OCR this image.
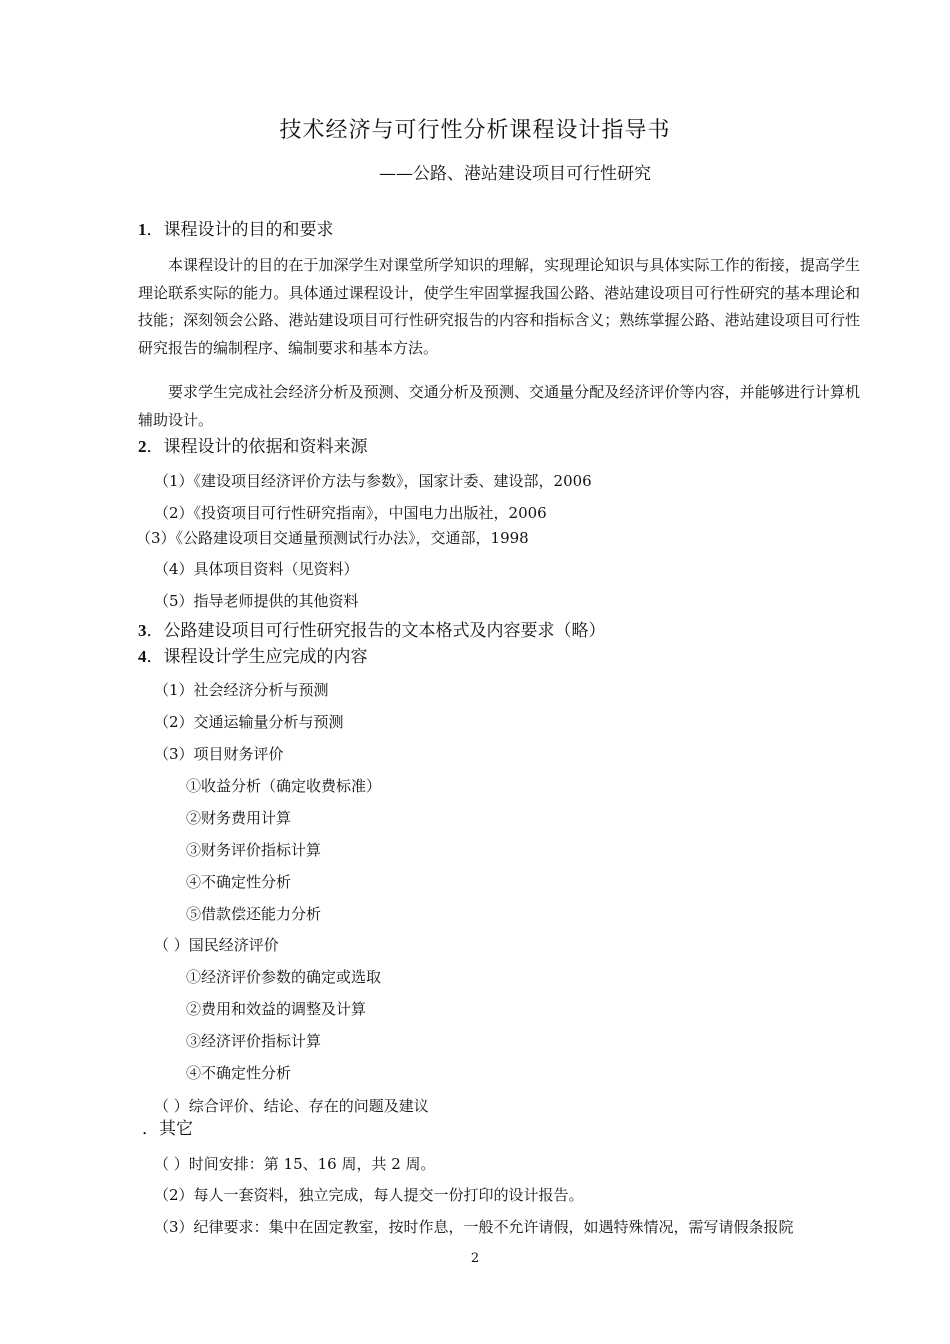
技术经济与可行性分析课程设计指导书
——公路、港站建设项目可行性研究
1．课程设计的目的和要求
本课程设计的目的在于加深学生对课堂所学知识的理解，实现理论知识与具体实际工作的衔接，提高学生理论联系实际的能力。具体通过课程设计，使学生牢固掌握我国公路、港站建设项目可行性研究的基本理论和技能；深刻领会公路、港站建设项目可行性研究报告的内容和指标含义；熟练掌握公路、港站建设项目可行性研究报告的编制程序、编制要求和基本方法。
要求学生完成社会经济分析及预测、交通分析及预测、交通量分配及经济评价等内容，并能够进行计算机辅助设计。
2．课程设计的依据和资料来源
（1）《建设项目经济评价方法与参数》，国家计委、建设部，2006
（2）《投资项目可行性研究指南》，中国电力出版社，2006
（3）《公路建设项目交通量预测试行办法》，交通部，1998
（4）具体项目资料（见资料）
（5）指导老师提供的其他资料
3．公路建设项目可行性研究报告的文本格式及内容要求（略）
4．课程设计学生应完成的内容
（1）社会经济分析与预测
（2）交通运输量分析与预测
（3）项目财务评价
①收益分析（确定收费标准）
②财务费用计算
③财务评价指标计算
④不确定性分析
⑤借款偿还能力分析
（ ）国民经济评价
①经济评价参数的确定或选取
②费用和效益的调整及计算
③经济评价指标计算
④不确定性分析
（ ）综合评价、结论、存在的问题及建议
．其它
（ ）时间安排：第 15、16 周，共 2 周。
（2）每人一套资料，独立完成，每人提交一份打印的设计报告。
（3）纪律要求：集中在固定教室，按时作息，一般不允许请假，如遇特殊情况，需写请假条报院
2
